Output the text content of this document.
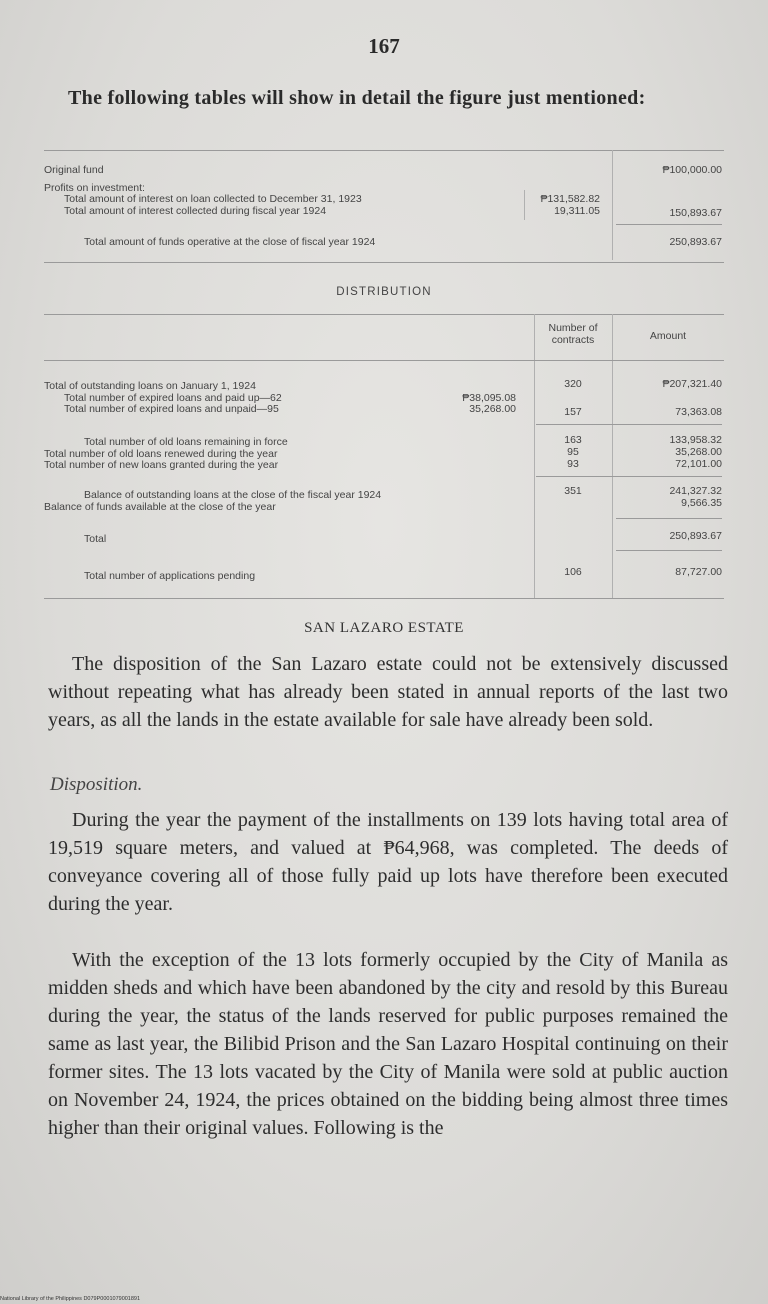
167
The following tables will show in detail the figure just mentioned:
Original fund	₱100,000.00
Profits on investment:
Total amount of interest on loan collected to December 31, 1923	₱131,582.82
Total amount of interest collected during fiscal year 1924	19,311.05	150,893.67
Total amount of funds operative at the close of fiscal year 1924	250,893.67
DISTRIBUTION
Number of contracts	Amount
Total of outstanding loans on January 1, 1924	320	₱207,321.40
Total number of expired loans and paid up—62	₱38,095.08
Total number of expired loans and unpaid—95	35,268.00	157	73,363.08
Total number of old loans remaining in force	163	133,958.32
Total number of old loans renewed during the year	95	35,268.00
Total number of new loans granted during the year	93	72,101.00
Balance of outstanding loans at the close of the fiscal year 1924	351	241,327.32
Balance of funds available at the close of the year	9,566.35
Total	250,893.67
Total number of applications pending	106	87,727.00
SAN LAZARO ESTATE

The disposition of the San Lazaro estate could not be extensively discussed without repeating what has already been stated in annual reports of the last two years, as all the lands in the estate available for sale have already been sold.

Disposition.

During the year the payment of the installments on 139 lots having total area of 19,519 square meters, and valued at ₱64,968, was completed. The deeds of conveyance covering all of those fully paid up lots have therefore been executed during the year.

With the exception of the 13 lots formerly occupied by the City of Manila as midden sheds and which have been abandoned by the city and resold by this Bureau during the year, the status of the lands reserved for public purposes remained the same as last year, the Bilibid Prison and the San Lazaro Hospital continuing on their former sites. The 13 lots vacated by the City of Manila were sold at public auction on November 24, 1924, the prices obtained on the bidding being almost three times higher than their original values. Following is the

National Library of the Philippines D079P0001079001891
